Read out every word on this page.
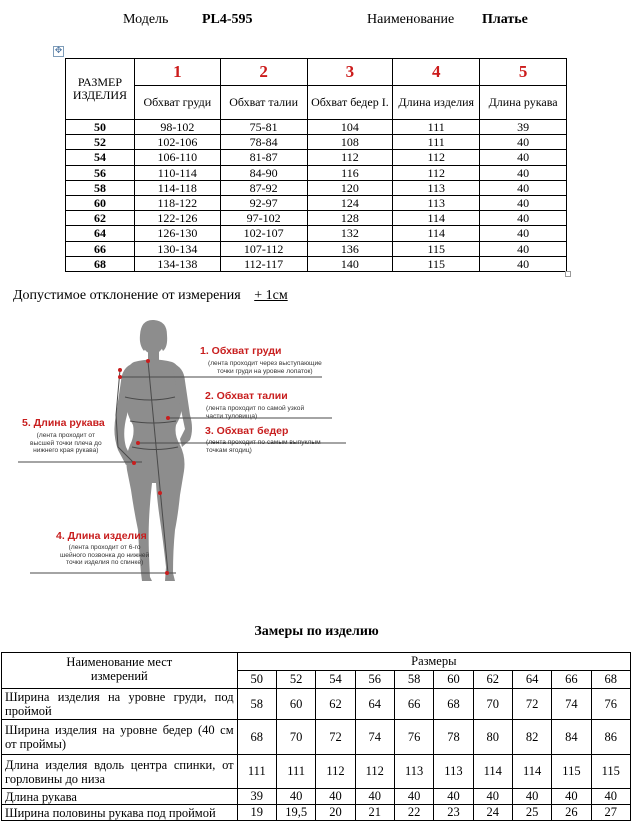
Модель PL4-595	Наименование Платье
✥
РАЗМЕР ИЗДЕЛИЯ	1	2	3	4	5
	Обхват груди	Обхват талии	Обхват бедер I.	Длина изделия	Длина рукава
50	98-102	75-81	104	111	39
52	102-106	78-84	108	111	40
54	106-110	81-87	112	112	40
56	110-114	84-90	116	112	40
58	114-118	87-92	120	113	40
60	118-122	92-97	124	113	40
62	122-126	97-102	128	114	40
64	126-130	102-107	132	114	40
66	130-134	107-112	136	115	40
68	134-138	112-117	140	115	40
Допустимое отклонение от измерения + 1см
1. Обхват груди
(лента проходит через выступающие
точки груди на уровне лопаток)
2. Обхват талии
(лента проходит по самой узкой
части туловища)
3. Обхват бедер
(лента проходит по самым выпуклым
точкам ягодиц)
5. Длина рукава
(лента проходит от
высшей точки плеча до
нижнего края рукава)
4. Длина изделия
(лента проходит от 6-го
шейного позвонка до нижней
точки изделия по спинке)
Замеры по изделию
Наименование мест измерений	Размеры									
	50	52	54	56	58	60	62	64	66	68
Ширина изделия на уровне груди, под проймой	58	60	62	64	66	68	70	72	74	76
Ширина изделия на уровне бедер (40 см от проймы)	68	70	72	74	76	78	80	82	84	86
Длина изделия вдоль центра спинки, от горловины до низа	111	111	112	112	113	113	114	114	115	115
Длина рукава	39	40	40	40	40	40	40	40	40	40
Ширина половины рукава под проймой	19	19,5	20	21	22	23	24	25	26	27
